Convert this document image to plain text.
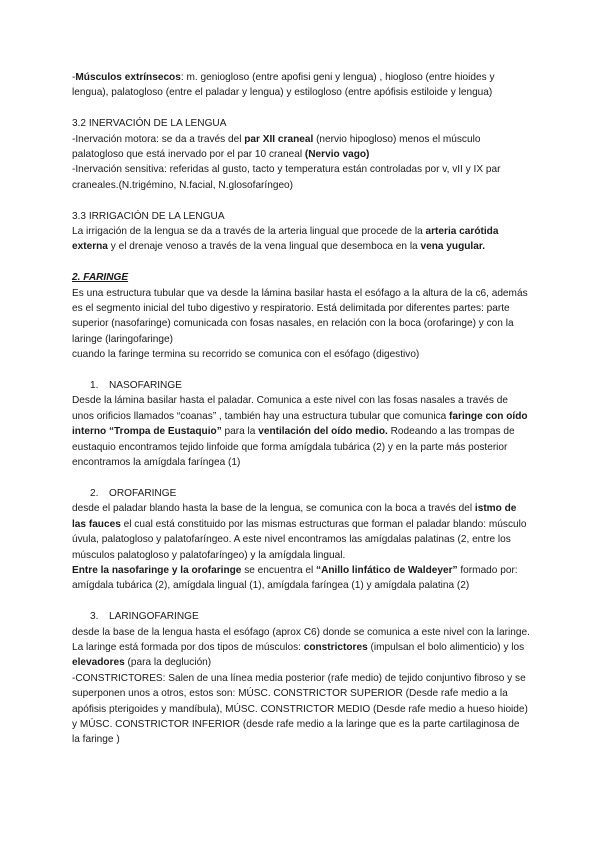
-Músculos extrínsecos: m. geniogloso (entre apofisi geni y lengua) , hiogloso (entre hioides y lengua), palatogloso (entre el paladar y lengua) y estilogloso (entre apófisis estiloide y lengua)

3.2 INERVACIÓN DE LA LENGUA

-Inervación motora: se da a través del par XII craneal (nervio hipogloso) menos el músculo palatogloso que está inervado por el par 10 craneal (Nervio vago)

-Inervación sensitiva: referidas al gusto, tacto y temperatura están controladas por v, vII y IX par craneales.(N.trigémino, N.facial, N.glosofaríngeo)

3.3 IRRIGACIÓN DE LA LENGUA

La irrigación de la lengua se da a través de la arteria lingual que procede de la arteria carótida externa y el drenaje venoso a través de la vena lingual que desemboca en la vena yugular.

2. FARINGE

Es una estructura tubular que va desde la lámina basilar hasta el esófago a la altura de la c6, además es el segmento inicial del tubo digestivo y respiratorio. Está delimitada por diferentes partes: parte superior (nasofaringe) comunicada con fosas nasales, en relación con la boca (orofaringe) y con la laringe (laringofaringe)

cuando la faringe termina su recorrido se comunica con el esófago (digestivo)

1. NASOFARINGE

Desde la lámina basilar hasta el paladar. Comunica a este nivel con las fosas nasales a través de unos orificios llamados “coanas” , también hay una estructura tubular que comunica faringe con oído interno “Trompa de Eustaquio” para la ventilación del oído medio. Rodeando a las trompas de eustaquio encontramos tejido linfoide que forma amígdala tubárica (2) y en la parte más posterior encontramos la amígdala faríngea (1)

2. OROFARINGE

desde el paladar blando hasta la base de la lengua, se comunica con la boca a través del istmo de las fauces el cual está constituido por las mismas estructuras que forman el paladar blando: músculo úvula, palatogloso y palatofaríngeo. A este nivel encontramos las amígdalas palatinas (2, entre los músculos palatogloso y palatofaríngeo) y la amígdala lingual.

Entre la nasofaringe y la orofaringe se encuentra el “Anillo linfático de Waldeyer” formado por: amígdala tubárica (2), amígdala lingual (1), amígdala faríngea (1) y amígdala palatina (2)

3. LARINGOFARINGE

desde la base de la lengua hasta el esófago (aprox C6) donde se comunica a este nivel con la laringe. La laringe está formada por dos tipos de músculos: constrictores (impulsan el bolo alimenticio) y los elevadores (para la deglución)

-CONSTRICTORES: Salen de una línea media posterior (rafe medio) de tejido conjuntivo fibroso y se superponen unos a otros, estos son: MÚSC. CONSTRICTOR SUPERIOR (Desde rafe medio a la apófisis pterigoides y mandíbula), MÚSC. CONSTRICTOR MEDIO (Desde rafe medio a hueso hioide) y MÚSC. CONSTRICTOR INFERIOR (desde rafe medio a la laringe que es la parte cartilaginosa de la faringe )
